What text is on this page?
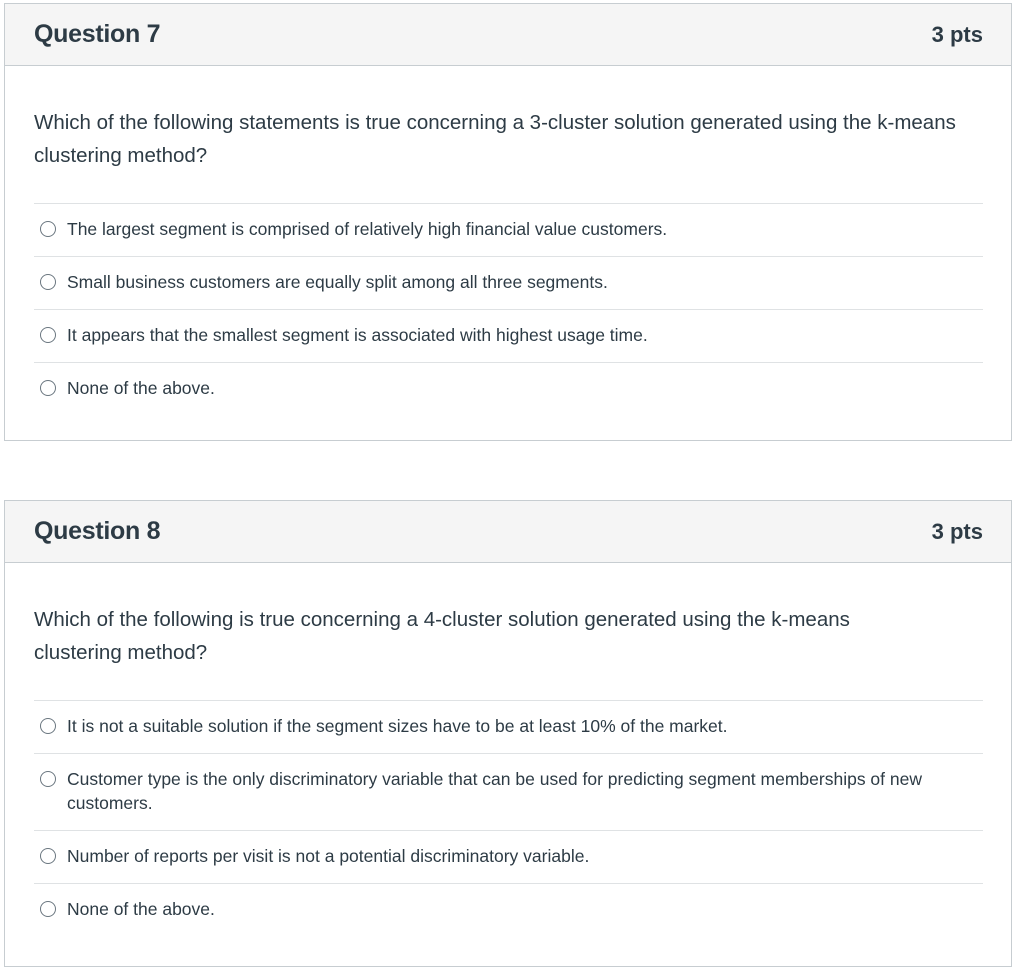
Question 7	3 pts

Which of the following statements is true concerning a 3-cluster solution generated using the k-means clustering method?

The largest segment is comprised of relatively high financial value customers.
Small business customers are equally split among all three segments.
It appears that the smallest segment is associated with highest usage time.
None of the above.
Question 8	3 pts

Which of the following is true concerning a 4-cluster solution generated using the k-means clustering method?

It is not a suitable solution if the segment sizes have to be at least 10% of the market.
Customer type is the only discriminatory variable that can be used for predicting segment memberships of new customers.
Number of reports per visit is not a potential discriminatory variable.
None of the above.
